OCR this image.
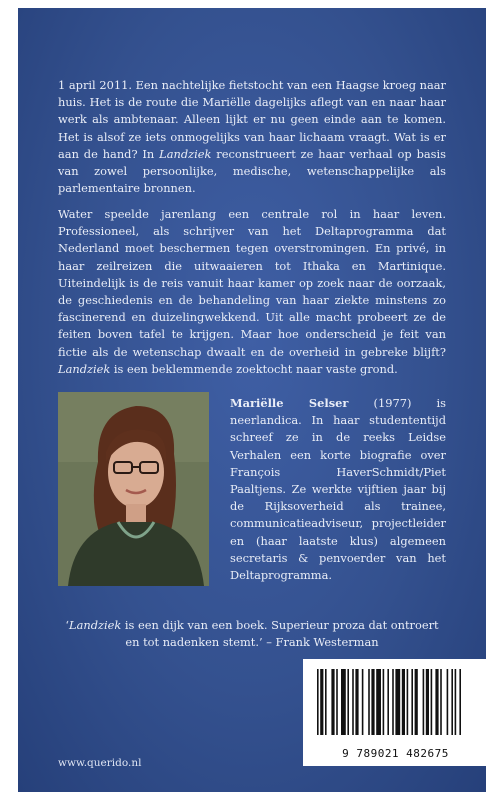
1 april 2011. Een nachtelijke fietstocht van een Haagse kroeg naar huis. Het is de route die Mariëlle dagelijks aflegt van en naar haar werk als ambtenaar. Alleen lijkt er nu geen einde aan te komen. Het is alsof ze iets onmogelijks van haar lichaam vraagt. Wat is er aan de hand? In Landziek reconstrueert ze haar verhaal op basis van zowel persoonlijke, medische, wetenschappelijke als parlementaire bronnen.

Water speelde jarenlang een centrale rol in haar leven. Professioneel, als schrijver van het Deltaprogramma dat Nederland moet beschermen tegen overstromingen. En privé, in haar zeilreizen die uitwaaieren tot Ithaka en Martinique. Uiteindelijk is de reis vanuit haar kamer op zoek naar de oorzaak, de geschiedenis en de behandeling van haar ziekte minstens zo fascinerend en duizelingwekkend. Uit alle macht probeert ze de feiten boven tafel te krijgen. Maar hoe onderscheid je feit van fictie als de wetenschap dwaalt en de overheid in gebreke blijft? Landziek is een beklemmende zoektocht naar vaste grond.

Mariëlle Selser (1977) is neerlandica. In haar studententijd schreef ze in de reeks Leidse Verhalen een korte biografie over François HaverSchmidt/Piet Paaltjens. Ze werkte vijftien jaar bij de Rijksoverheid als trainee, communicatieadviseur, projectleider en (haar laatste klus) algemeen secretaris & penvoerder van het Deltaprogramma.

‘Landziek is een dijk van een boek. Superieur proza dat ontroert en tot nadenken stemt.’ – Frank Westerman

www.querido.nl
9 789021 482675
